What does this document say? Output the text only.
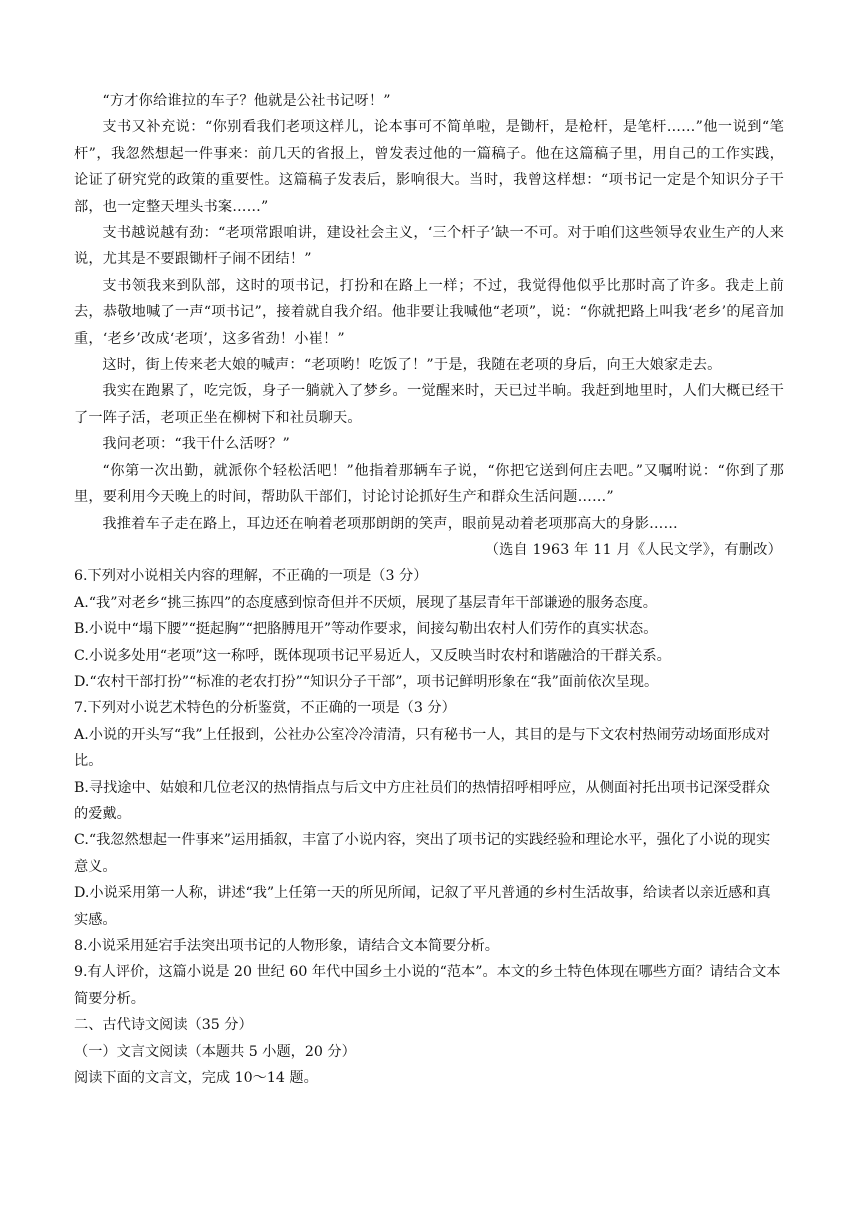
“方才你给谁拉的车子？他就是公社书记呀！”

支书又补充说：“你别看我们老项这样儿，论本事可不简单啦，是锄杆，是枪杆，是笔杆……”他一说到“笔杆”，我忽然想起一件事来：前几天的省报上，曾发表过他的一篇稿子。他在这篇稿子里，用自己的工作实践，论证了研究党的政策的重要性。这篇稿子发表后，影响很大。当时，我曾这样想：“项书记一定是个知识分子干部，也一定整天埋头书案……”

支书越说越有劲：“老项常跟咱讲，建设社会主义，‘三个杆子’缺一不可。对于咱们这些领导农业生产的人来说，尤其是不要跟锄杆子闹不团结！”

支书领我来到队部，这时的项书记，打扮和在路上一样；不过，我觉得他似乎比那时高了许多。我走上前去，恭敬地喊了一声“项书记”，接着就自我介绍。他非要让我喊他“老项”，说：“你就把路上叫我‘老乡’的尾音加重，‘老乡’改成‘老项’，这多省劲！小崔！”

这时，街上传来老大娘的喊声：“老项哟！吃饭了！”于是，我随在老项的身后，向王大娘家走去。

我实在跑累了，吃完饭，身子一躺就入了梦乡。一觉醒来时，天已过半晌。我赶到地里时，人们大概已经干了一阵子活，老项正坐在柳树下和社员聊天。

我问老项：“我干什么活呀？”

“你第一次出勤，就派你个轻松活吧！”他指着那辆车子说，“你把它送到何庄去吧。”又嘱咐说：“你到了那里，要利用今天晚上的时间，帮助队干部们，讨论讨论抓好生产和群众生活问题……”

我推着车子走在路上，耳边还在响着老项那朗朗的笑声，眼前晃动着老项那高大的身影……

（选自 1963 年 11 月《人民文学》，有删改）

6.下列对小说相关内容的理解，不正确的一项是（3 分）

A.“我”对老乡“挑三拣四”的态度感到惊奇但并不厌烦，展现了基层青年干部谦逊的服务态度。

B.小说中“塌下腰”“挺起胸”“把胳膊甩开”等动作要求，间接勾勒出农村人们劳作的真实状态。

C.小说多处用“老项”这一称呼，既体现项书记平易近人，又反映当时农村和谐融洽的干群关系。

D.“农村干部打扮”“标准的老农打扮”“知识分子干部”，项书记鲜明形象在“我”面前依次呈现。

7.下列对小说艺术特色的分析鉴赏，不正确的一项是（3 分）

A.小说的开头写“我”上任报到，公社办公室冷冷清清，只有秘书一人，其目的是与下文农村热闹劳动场面形成对比。

B.寻找途中、姑娘和几位老汉的热情指点与后文中方庄社员们的热情招呼相呼应，从侧面衬托出项书记深受群众的爱戴。

C.“我忽然想起一件事来”运用插叙，丰富了小说内容，突出了项书记的实践经验和理论水平，强化了小说的现实意义。

D.小说采用第一人称，讲述“我”上任第一天的所见所闻，记叙了平凡普通的乡村生活故事，给读者以亲近感和真实感。

8.小说采用延宕手法突出项书记的人物形象，请结合文本简要分析。

9.有人评价，这篇小说是 20 世纪 60 年代中国乡土小说的“范本”。本文的乡土特色体现在哪些方面？请结合文本简要分析。

二、古代诗文阅读（35 分）

（一）文言文阅读（本题共 5 小题，20 分）

阅读下面的文言文，完成 10～14 题。
